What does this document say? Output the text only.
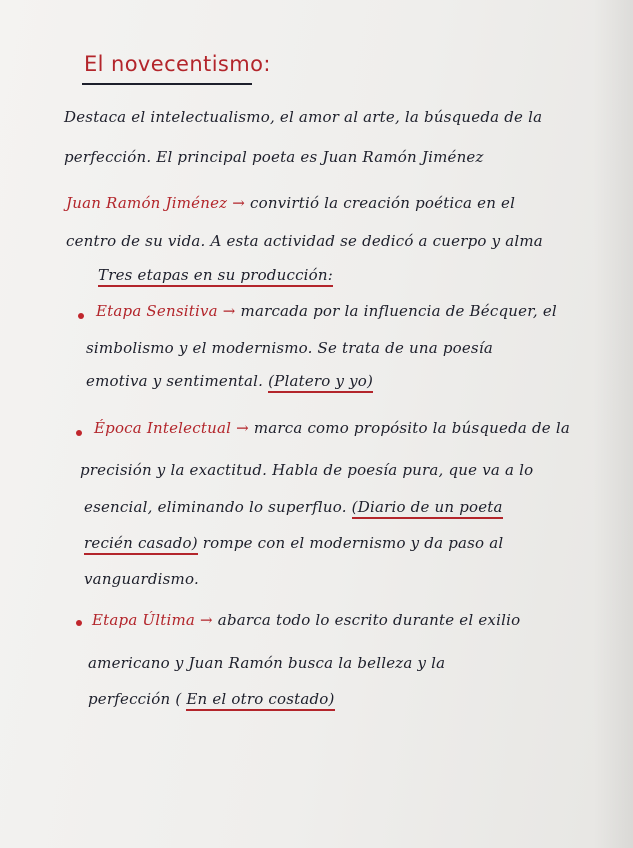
El novecentismo:
Destaca el intelectualismo, el amor al arte, la búsqueda de la
perfección. El principal poeta es Juan Ramón Jiménez
Juan Ramón Jiménez → convirtió la creación poética en el
centro de su vida. A esta actividad se dedicó a cuerpo y alma
Tres etapas en su producción:
Etapa Sensitiva → marcada por la influencia de Bécquer, el
simbolismo y el modernismo. Se trata de una poesía
emotiva y sentimental. (Platero y yo)
Época Intelectual → marca como propósito la búsqueda de la
precisión y la exactitud. Habla de poesía pura, que va a lo
esencial, eliminando lo superfluo. (Diario de un poeta
recién casado) rompe con el modernismo y da paso al
vanguardismo.
Etapa Última → abarca todo lo escrito durante el exilio
americano y Juan Ramón busca la belleza y la
perfección ( En el otro costado)
